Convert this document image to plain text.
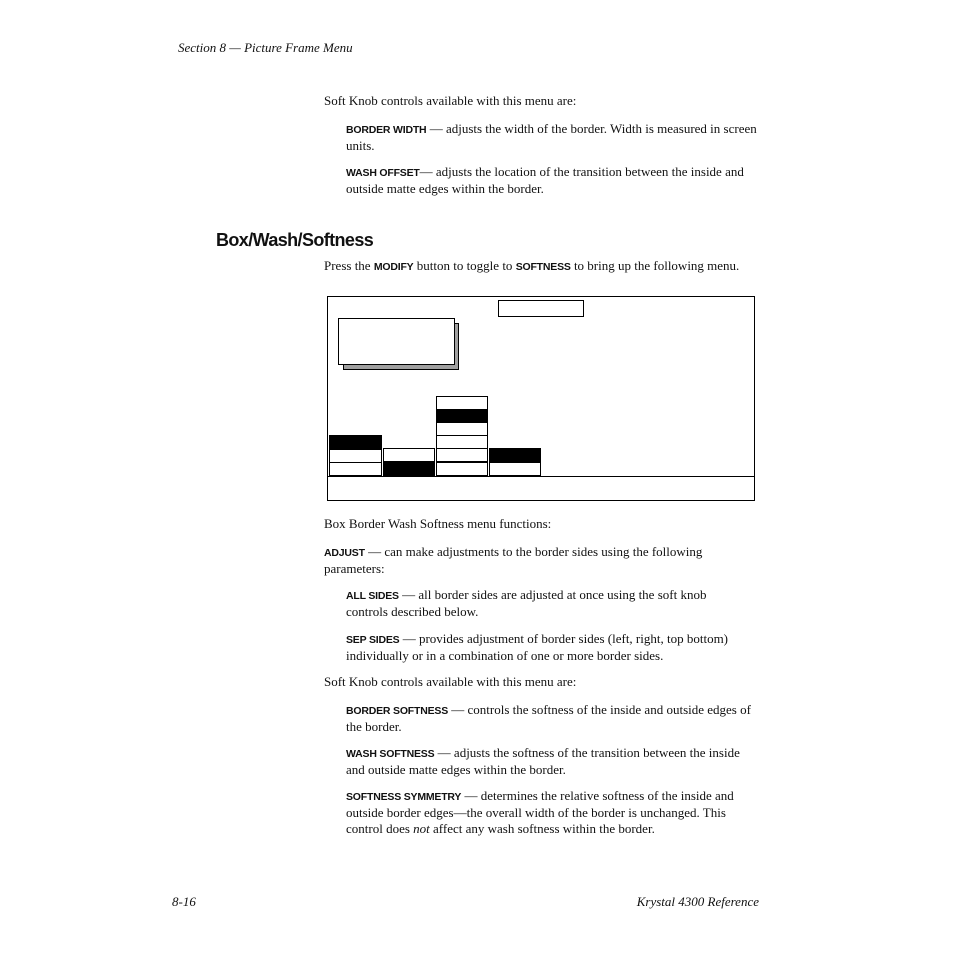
Section 8 — Picture Frame Menu
Soft Knob controls available with this menu are:
BORDER WIDTH — adjusts the width of the border. Width is measured in screen units.
WASH OFFSET— adjusts the location of the transition between the inside and outside matte edges within the border.
Box/Wash/Softness
Press the MODIFY button to toggle to SOFTNESS to bring up the following menu.
Box Border Wash Softness menu functions:
ADJUST — can make adjustments to the border sides using the following parameters:
ALL SIDES — all border sides are adjusted at once using the soft knob controls described below.
SEP SIDES — provides adjustment of border sides (left, right, top bottom) individually or in a combination of one or more border sides.
Soft Knob controls available with this menu are:
BORDER SOFTNESS — controls the softness of the inside and outside edges of the border.
WASH SOFTNESS — adjusts the softness of the transition between the inside and outside matte edges within the border.
SOFTNESS SYMMETRY — determines the relative softness of the inside and outside border edges—the overall width of the border is unchanged. This control does not affect any wash softness within the border.
8-16	Krystal 4300 Reference
